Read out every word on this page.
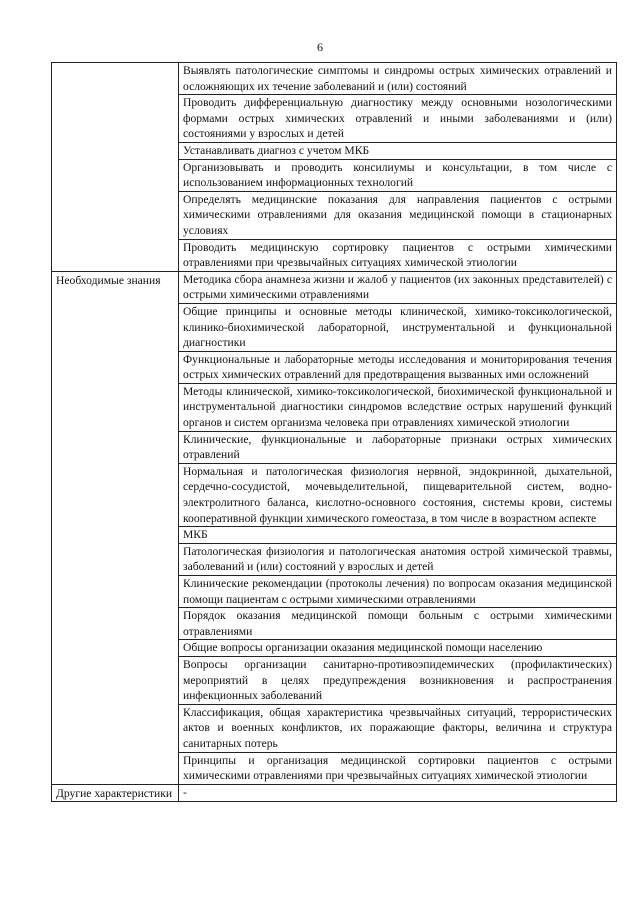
6

	Выявлять патологические симптомы и синдромы острых химических отравлений и осложняющих их течение заболеваний и (или) состояний

	Проводить дифференциальную диагностику между основными нозологическими формами острых химических отравлений и иными заболеваниями и (или) состояниями у взрослых и детей

	Устанавливать диагноз с учетом МКБ

	Организовывать и проводить консилиумы и консультации, в том числе с использованием информационных технологий

	Определять медицинские показания для направления пациентов с острыми химическими отравлениями для оказания медицинской помощи в стационарных условиях

	Проводить медицинскую сортировку пациентов с острыми химическими отравлениями при чрезвычайных ситуациях химической этиологии

Необходимые знания	Методика сбора анамнеза жизни и жалоб у пациентов (их законных представителей) с острыми химическими отравлениями

	Общие принципы и основные методы клинической, химико-токсикологической, клинико-биохимической лабораторной, инструментальной и функциональной диагностики

	Функциональные и лабораторные методы исследования и мониторирования течения острых химических отравлений для предотвращения вызванных ими осложнений

	Методы клинической, химико-токсикологической, биохимической функциональной и инструментальной диагностики синдромов вследствие острых нарушений функций органов и систем организма человека при отравлениях химической этиологии

	Клинические, функциональные и лабораторные признаки острых химических отравлений

	Нормальная и патологическая физиология нервной, эндокринной, дыхательной, сердечно-сосудистой, мочевыделительной, пищеварительной систем, водно-электролитного баланса, кислотно-основного состояния, системы крови, системы кооперативной функции химического гомеостаза, в том числе в возрастном аспекте

	МКБ

	Патологическая физиология и патологическая анатомия острой химической травмы, заболеваний и (или) состояний у взрослых и детей

	Клинические рекомендации (протоколы лечения) по вопросам оказания медицинской помощи пациентам с острыми химическими отравлениями

	Порядок оказания медицинской помощи больным с острыми химическими отравлениями

	Общие вопросы организации оказания медицинской помощи населению

	Вопросы организации санитарно-противоэпидемических (профилактических) мероприятий в целях предупреждения возникновения и распространения инфекционных заболеваний

	Классификация, общая характеристика чрезвычайных ситуаций, террористических актов и военных конфликтов, их поражающие факторы, величина и структура санитарных потерь

	Принципы и организация медицинской сортировки пациентов с острыми химическими отравлениями при чрезвычайных ситуациях химической этиологии

Другие характеристики	-
